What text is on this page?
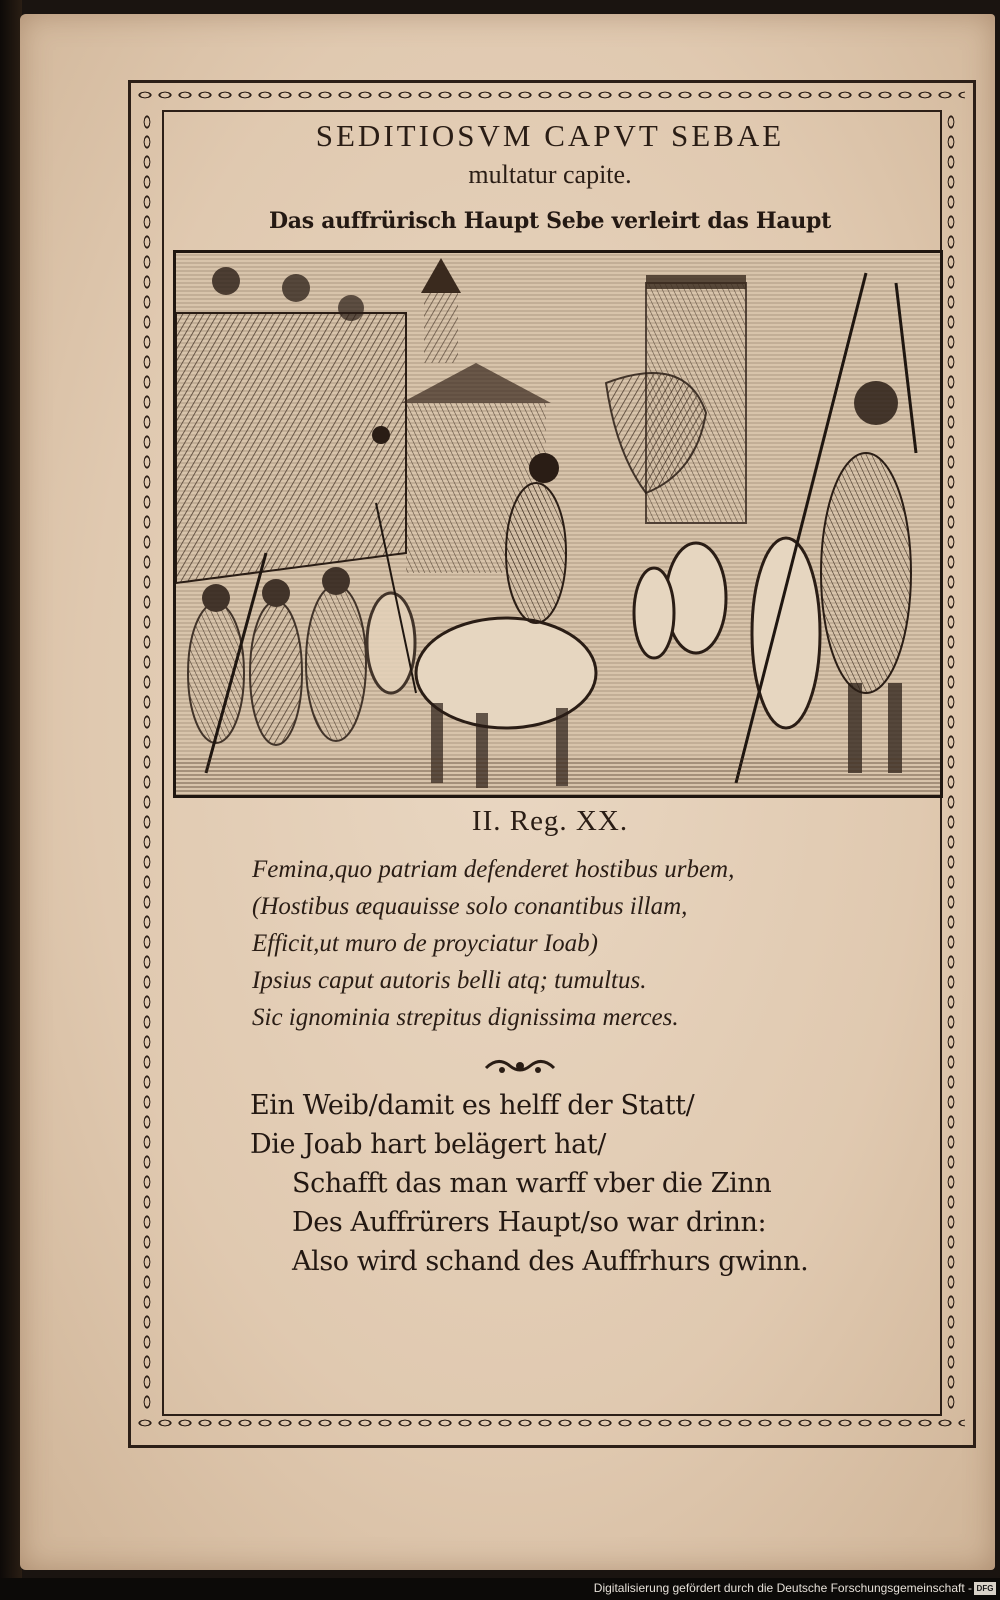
SEDITIOSVM CAPVT SEBAE
multatur capite.
Das auffrürisch Haupt Sebe verleirt das Haupt
II. Reg. XX.
Femina,quo patriam defenderet hostibus urbem,
(Hostibus æquauisse solo conantibus illam,
Efficit,ut muro de proyciatur Ioab)
Ipsius caput autoris belli atq; tumultus.
Sic ignominia strepitus dignissima merces.
Ein Weib/damit es helff der Statt/
Die Joab hart belägert hat/
Schafft das man warff vber die Zinn
Des Auffrürers Haupt/so war drinn:
Also wird schand des Auffrhurs gwinn.
Digitalisierung gefördert durch die Deutsche Forschungsgemeinschaft - DFG
